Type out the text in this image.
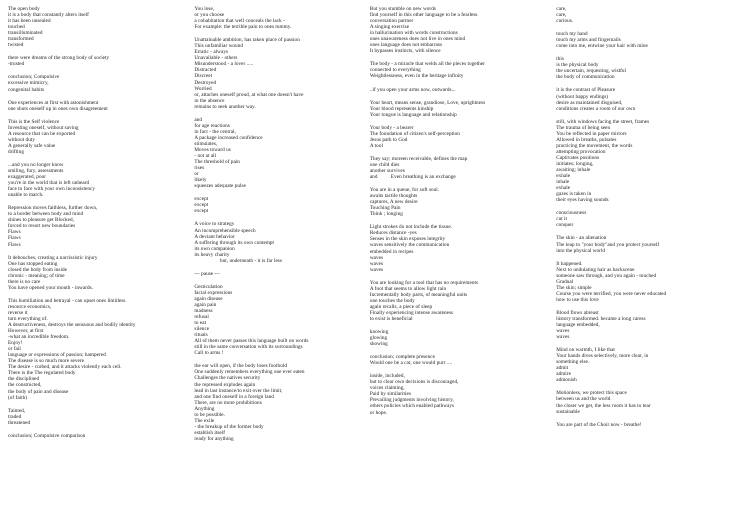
The open body
it is a body that constantly alters itself
it has been unsealed
touched
transilluminated
transformed
twisted
there were dreams of the strong body of society
-trusted
conclusion; Compulsive
excessive mimicry,
congenital habits
One experiences at first with astonishment
one shuts oneself up in ones own disagreement
This is the Self violence
Investing oneself, without saving
A resource that can be exported
without duty
A generally safe value
drifting
...and you no longer know
smiling, fury, assessments
exaggerated, poor
you're in the world that is left unheard
face to face with your own inconsistency
unable to march.
Repression moves faithless, further down,
to a border between body and mind
shines to pleasure get Blocked,
forced to resort new boundaries
Flaws
Flaws
Flaws
It debouches, creating a narcissistic injury
One has stopped eating
closed the body from inside
chronic - meaning; of time
there is no care
You have opened your mouth - inwards.
This humiliation and betrayal - can upset ones limitless
resource economics,
reverse it
turn everything of.
A destructiveness, destroys the sensuous and bodily identity
However, at first
-what an incredible freedom.
Enjoy!
or fail
language or expressions of passion; hampered
The disease is so much more severe
The desire - curbed, and it attacks violently each cell.
There is the The regulated body
the disciplined
the constructed,
the body of pain and disease
(of faith)
Tainted,
traded
threatened
conclusion; Compulsive comparison
You lose,
or you choose
a cohabitation that well conceals the lack -
For example: the terrible pain to ones tummy.
Unattainable ambition, has taken place of passion
This unfamiliar wound
Erratic - always
Unavailable - others
Misunderstood - a lover .....
Distracted
Discreet
Destroyed
Worried
or, attaches oneself proud, at what one doesn't have
in the absence
remains to seek another way.
and
for age reactions
in fact - the central,
A package increased confidence
stimulates,
Moves toward us
- not at all
The threshold of pain
rises
or
likely
squeezes adequate pulse
except
except
except
A voice to strategy
An incomprehensible speech
A deviant behavior
A suffering through its own contempt
its own companion
its heavy charity
but, underneath - it is far less
--- pause ---
Gesticulation
facial expressions
again disease
again pain
madness
refusal
to eat
silence
rituals
All of them never passes this language built on words
still in the same conversation with its surroundings
Call to arms !
the ear will open, if the body loses foothold
One suddenly remembers everything one ever eaten
Challenges the natives security
the repressed explodes again
lead in last instance/to exit over the limit,
and one find oneself in a foreign land
There, are no more prohibitions
Anything
to be possible.
The exile
- the breakup of the former body
establish itself
ready for anything
But you stumble on new words
find yourself in this other language to be a fearless
conversation partner
A singing exercise
in hallucination with words constructions
ones unawareness does not live in ones mind
ones language does not embarrass
It bypasses instincts, with silence
The body - a miracle that welds all the pieces together
connected to everything
Weightlessness, even in the heritage infinity
..if you open your arms now, outwards...
Your heart, means sense, grandiose, Love, uprightness
Your blood represents kinship
Your tongue is language and relationship
Your body - a bearer
The foundation of citizen's self-perception
Jesus path to God
A tool
They say; moreen receivable, defines the map
one child dies
another survives
and          Even breathing is an exchange
You are in a queue, for soft soul.
awaits tactile thoughts
captures, A new desire
Touching Pain
Think ; longing
Light strokes do not include the tissue.
Reduces distance -yes
Senses in the skin exposes integrity
waves sensitively the communication
embedded in recipes
waves
waves
waves
You are looking for a tool that has no requirements
A foot that seems to allow light rain
Incrementally body parts, of meaningful units
one touches the body
again recalls, a piece of sleep
Finally experiencing intense awareness
to exist is beneficial
knowing
glowing
showing
conclusion; complete presence
Would one be a cat, one would purr ....
inside, included,
but to clear own decisions is discouraged,
voices claiming,
Paid by similarities
Prevailing judgments involving history,
others policies which enabled pathways
or hope.
care,
care,
curious.
touch my hand
touch my arms and fingernails
come into me, entwine your hair with mine
this
is the physical body
the uncertain, requesting, wistful
the body of communication
it is the contrast of Pleasure
(without happy endings)
desire as maintained disguised,
conditions creates a room of our own
still, with windows facing the street, frames
The trauma of being seen
You be reflected in paper mirrors
Allowed in breaths, pulsates
practicing the movement, the words
attempting provocation
Captivates positions
initiates; longing,
awaiting; inhale
exhale
inhale
exhale
gazes is taken in
their eyes having sounds
consciousness
cut it
conquer
The skin - an alienation
The leap to "your body"and you protect yourself
into the physical world
It happened.
Next to undulating hair as backscene
someone saw through, and you again - touched
Gradual
The skin; simple
Course you were terrified, you were never educated
how to use this love
Blood flows abreast
history transformed. became a long caress
language embedded,
waves
waves
Mind on warmth, I like that
Your hands dives selectively, more clear, in
something else.
admit
admire
admonish
Motionless, we protect this space
between us and the world
the closer we get, the less room it has to tear
sustainable
You are part of the Choir now - breathe!
